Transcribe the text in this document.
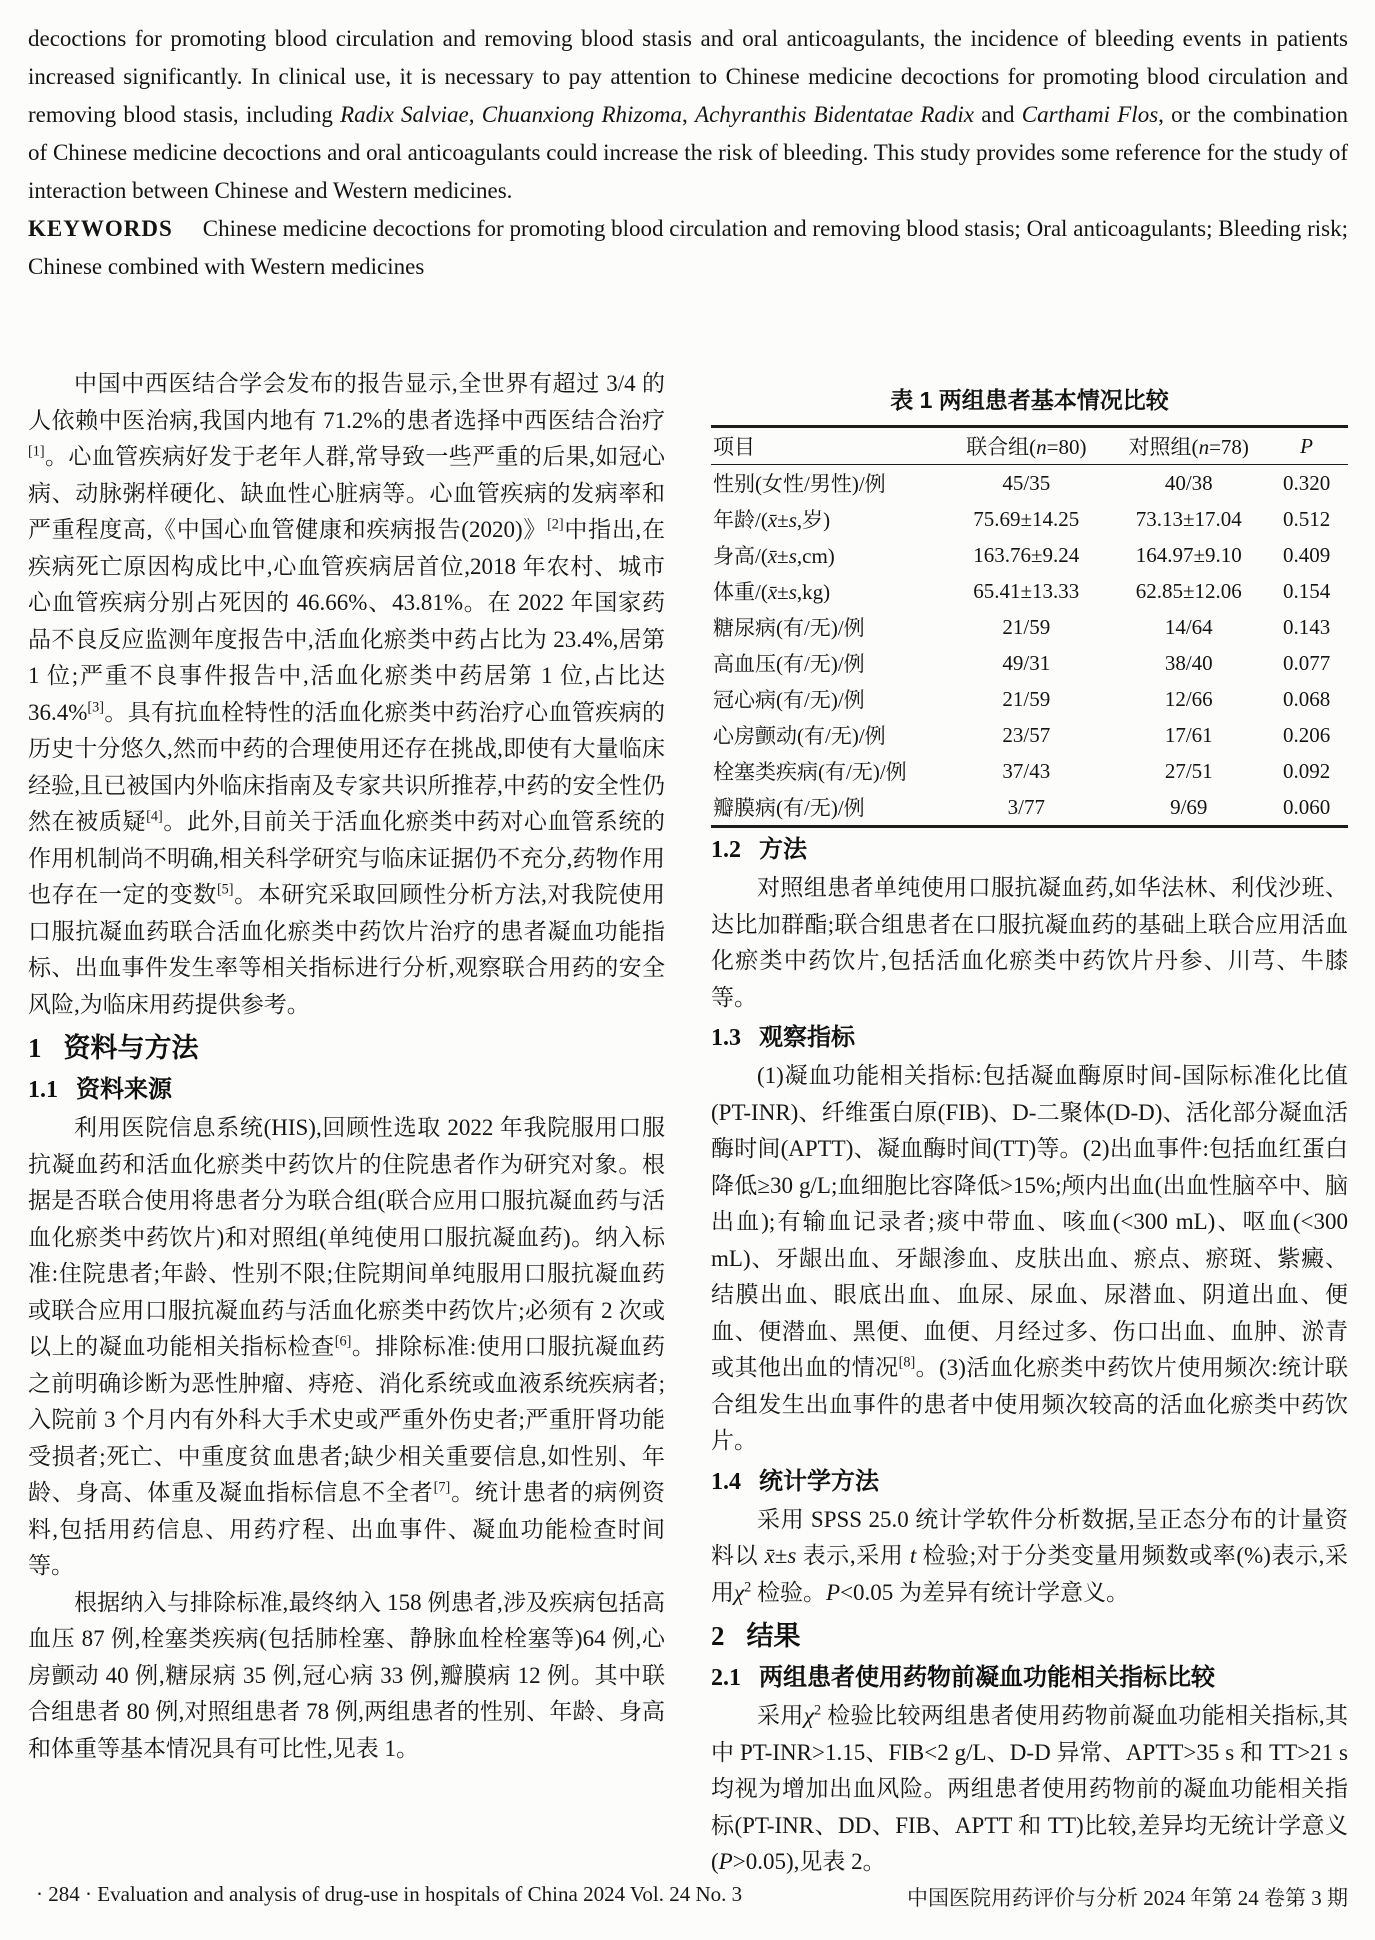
decoctions for promoting blood circulation and removing blood stasis and oral anticoagulants, the incidence of bleeding events in patients increased significantly. In clinical use, it is necessary to pay attention to Chinese medicine decoctions for promoting blood circulation and removing blood stasis, including Radix Salviae, Chuanxiong Rhizoma, Achyranthis Bidentatae Radix and Carthami Flos, or the combination of Chinese medicine decoctions and oral anticoagulants could increase the risk of bleeding. This study provides some reference for the study of interaction between Chinese and Western medicines.

KEYWORDS Chinese medicine decoctions for promoting blood circulation and removing blood stasis; Oral anticoagulants; Bleeding risk; Chinese combined with Western medicines

中国中西医结合学会发布的报告显示,全世界有超过 3/4 的人依赖中医治病,我国内地有 71.2%的患者选择中西医结合治疗[1]。心血管疾病好发于老年人群,常导致一些严重的后果,如冠心病、动脉粥样硬化、缺血性心脏病等。心血管疾病的发病率和严重程度高,《中国心血管健康和疾病报告(2020)》[2]中指出,在疾病死亡原因构成比中,心血管疾病居首位,2018 年农村、城市心血管疾病分别占死因的 46.66%、43.81%。在 2022 年国家药品不良反应监测年度报告中,活血化瘀类中药占比为 23.4%,居第 1 位;严重不良事件报告中,活血化瘀类中药居第 1 位,占比达 36.4%[3]。具有抗血栓特性的活血化瘀类中药治疗心血管疾病的历史十分悠久,然而中药的合理使用还存在挑战,即使有大量临床经验,且已被国内外临床指南及专家共识所推荐,中药的安全性仍然在被质疑[4]。此外,目前关于活血化瘀类中药对心血管系统的作用机制尚不明确,相关科学研究与临床证据仍不充分,药物作用也存在一定的变数[5]。本研究采取回顾性分析方法,对我院使用口服抗凝血药联合活血化瘀类中药饮片治疗的患者凝血功能指标、出血事件发生率等相关指标进行分析,观察联合用药的安全风险,为临床用药提供参考。

1 资料与方法
1.1 资料来源

利用医院信息系统(HIS),回顾性选取 2022 年我院服用口服抗凝血药和活血化瘀类中药饮片的住院患者作为研究对象。根据是否联合使用将患者分为联合组(联合应用口服抗凝血药与活血化瘀类中药饮片)和对照组(单纯使用口服抗凝血药)。纳入标准:住院患者;年龄、性别不限;住院期间单纯服用口服抗凝血药或联合应用口服抗凝血药与活血化瘀类中药饮片;必须有 2 次或以上的凝血功能相关指标检查[6]。排除标准:使用口服抗凝血药之前明确诊断为恶性肿瘤、痔疮、消化系统或血液系统疾病者;入院前 3 个月内有外科大手术史或严重外伤史者;严重肝肾功能受损者;死亡、中重度贫血患者;缺少相关重要信息,如性别、年龄、身高、体重及凝血指标信息不全者[7]。统计患者的病例资料,包括用药信息、用药疗程、出血事件、凝血功能检查时间等。

根据纳入与排除标准,最终纳入 158 例患者,涉及疾病包括高血压 87 例,栓塞类疾病(包括肺栓塞、静脉血栓栓塞等)64 例,心房颤动 40 例,糖尿病 35 例,冠心病 33 例,瓣膜病 12 例。其中联合组患者 80 例,对照组患者 78 例,两组患者的性别、年龄、身高和体重等基本情况具有可比性,见表 1。

表 1 两组患者基本情况比较
项目	联合组(n=80)	对照组(n=78)	P
性别(女性/男性)/例	45/35	40/38	0.320
年龄/(x̄±s,岁)	75.69±14.25	73.13±17.04	0.512
身高/(x̄±s,cm)	163.76±9.24	164.97±9.10	0.409
体重/(x̄±s,kg)	65.41±13.33	62.85±12.06	0.154
糖尿病(有/无)/例	21/59	14/64	0.143
高血压(有/无)/例	49/31	38/40	0.077
冠心病(有/无)/例	21/59	12/66	0.068
心房颤动(有/无)/例	23/57	17/61	0.206
栓塞类疾病(有/无)/例	37/43	27/51	0.092
瓣膜病(有/无)/例	3/77	9/69	0.060
1.2 方法

对照组患者单纯使用口服抗凝血药,如华法林、利伐沙班、达比加群酯;联合组患者在口服抗凝血药的基础上联合应用活血化瘀类中药饮片,包括活血化瘀类中药饮片丹参、川芎、牛膝等。

1.3 观察指标

(1)凝血功能相关指标:包括凝血酶原时间-国际标准化比值(PT-INR)、纤维蛋白原(FIB)、D-二聚体(D-D)、活化部分凝血活酶时间(APTT)、凝血酶时间(TT)等。(2)出血事件:包括血红蛋白降低≥30 g/L;血细胞比容降低>15%;颅内出血(出血性脑卒中、脑出血);有输血记录者;痰中带血、咳血(<300 mL)、呕血(<300 mL)、牙龈出血、牙龈渗血、皮肤出血、瘀点、瘀斑、紫癜、结膜出血、眼底出血、血尿、尿血、尿潜血、阴道出血、便血、便潜血、黑便、血便、月经过多、伤口出血、血肿、淤青或其他出血的情况[8]。(3)活血化瘀类中药饮片使用频次:统计联合组发生出血事件的患者中使用频次较高的活血化瘀类中药饮片。

1.4 统计学方法

采用 SPSS 25.0 统计学软件分析数据,呈正态分布的计量资料以 x̄±s 表示,采用 t 检验;对于分类变量用频数或率(%)表示,采用$\chi^2$ 检验。P<0.05 为差异有统计学意义。

2 结果
2.1 两组患者使用药物前凝血功能相关指标比较

采用$\chi^2$ 检验比较两组患者使用药物前凝血功能相关指标,其中 PT-INR>1.15、FIB<2 g/L、D-D 异常、APTT>35 s 和 TT>21 s 均视为增加出血风险。两组患者使用药物前的凝血功能相关指标(PT-INR、DD、FIB、APTT 和 TT)比较,差异均无统计学意义(P>0.05),见表 2。

· 284 · Evaluation and analysis of drug-use in hospitals of China 2024 Vol. 24 No. 3	中国医院用药评价与分析 2024 年第 24 卷第 3 期
